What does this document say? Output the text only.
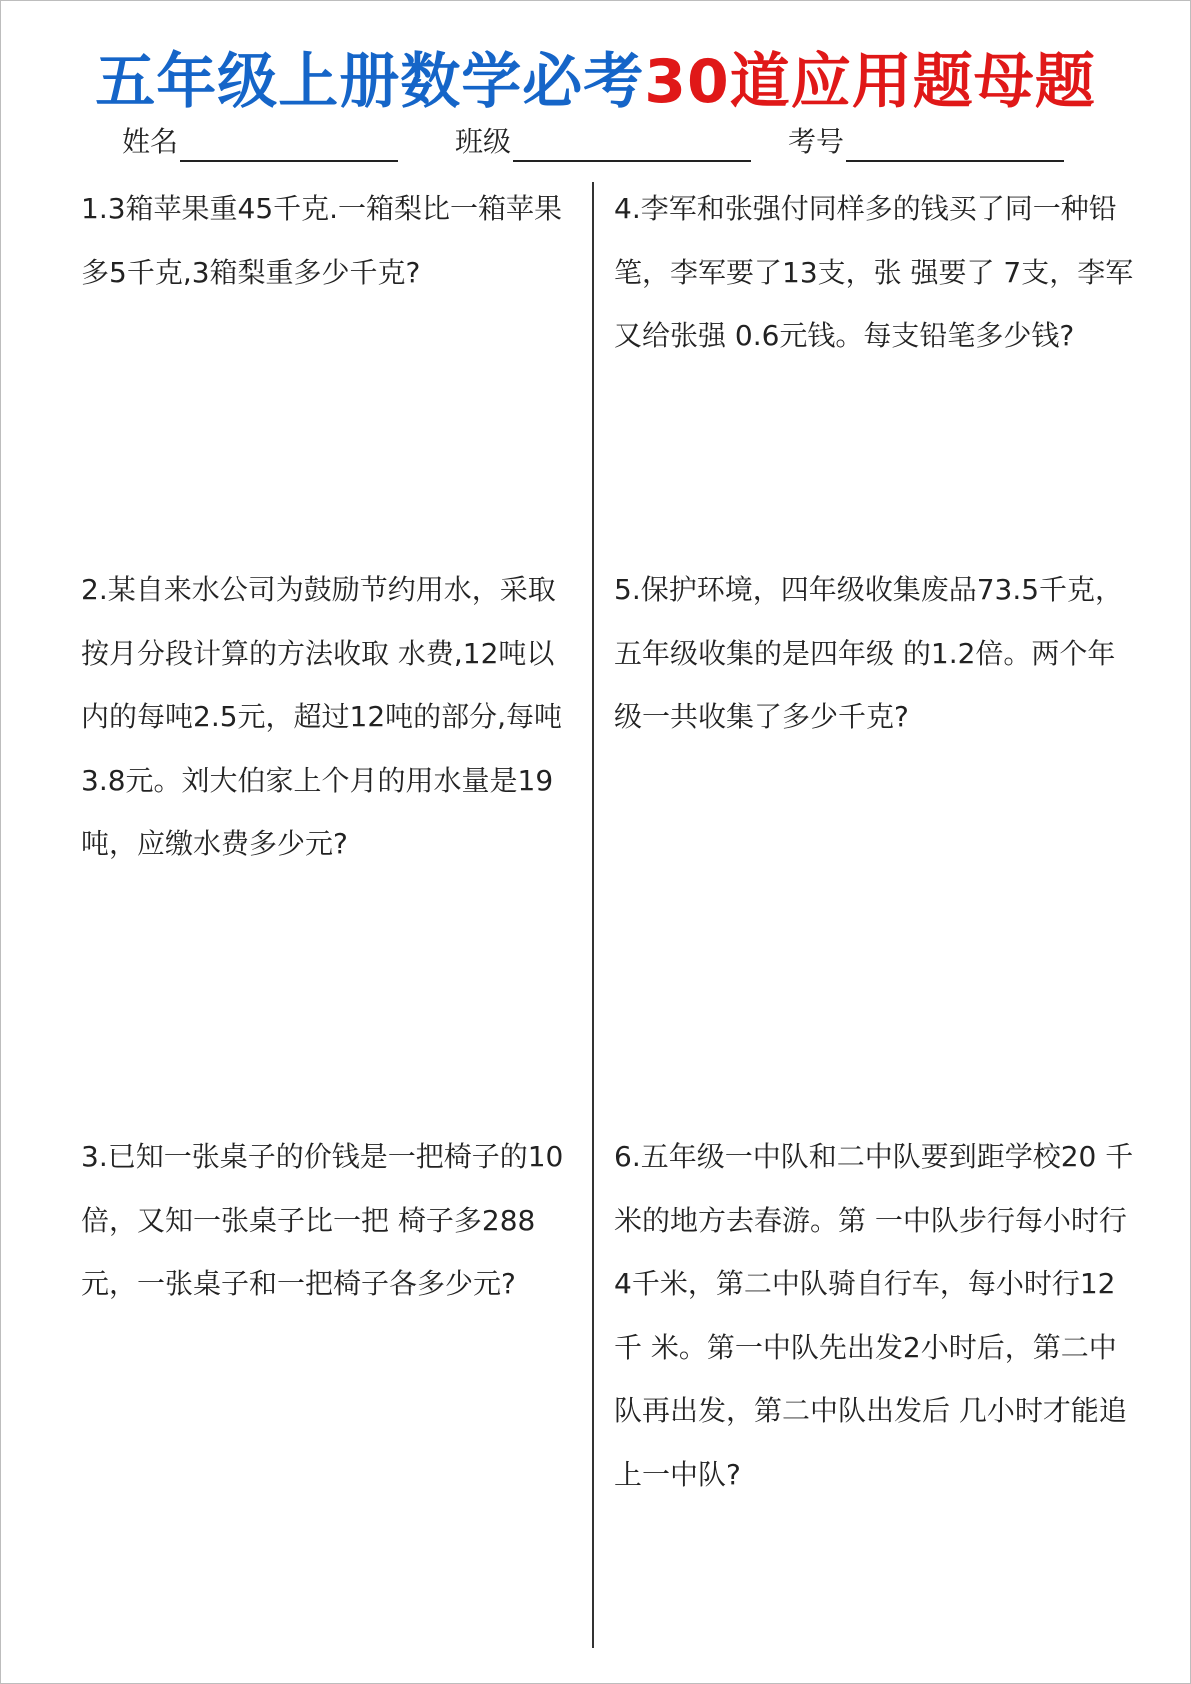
五年级上册数学必考30道应用题母题
姓名	班级	考号

1.3箱苹果重45千克.一箱梨比一箱苹果多5千克,3箱梨重多少千克?

2.某自来水公司为鼓励节约用水，采取按月分段计算的方法收取 水费,12吨以内的每吨2.5元，超过12吨的部分,每吨3.8元。刘大伯家上个月的用水量是19吨，应缴水费多少元?

3.已知一张桌子的价钱是一把椅子的10倍，又知一张桌子比一把 椅子多288元，一张桌子和一把椅子各多少元?

4.李军和张强付同样多的钱买了同一种铅笔，李军要了13支，张 强要了 7支，李军又给张强 0.6元钱。每支铅笔多少钱?

5.保护环境，四年级收集废品73.5千克，五年级收集的是四年级 的1.2倍。两个年级一共收集了多少千克?

6.五年级一中队和二中队要到距学校20 千米的地方去春游。第 一中队步行每小时行4千米，第二中队骑自行车，每小时行12 千 米。第一中队先出发2小时后，第二中队再出发，第二中队出发后 几小时才能追上一中队?
